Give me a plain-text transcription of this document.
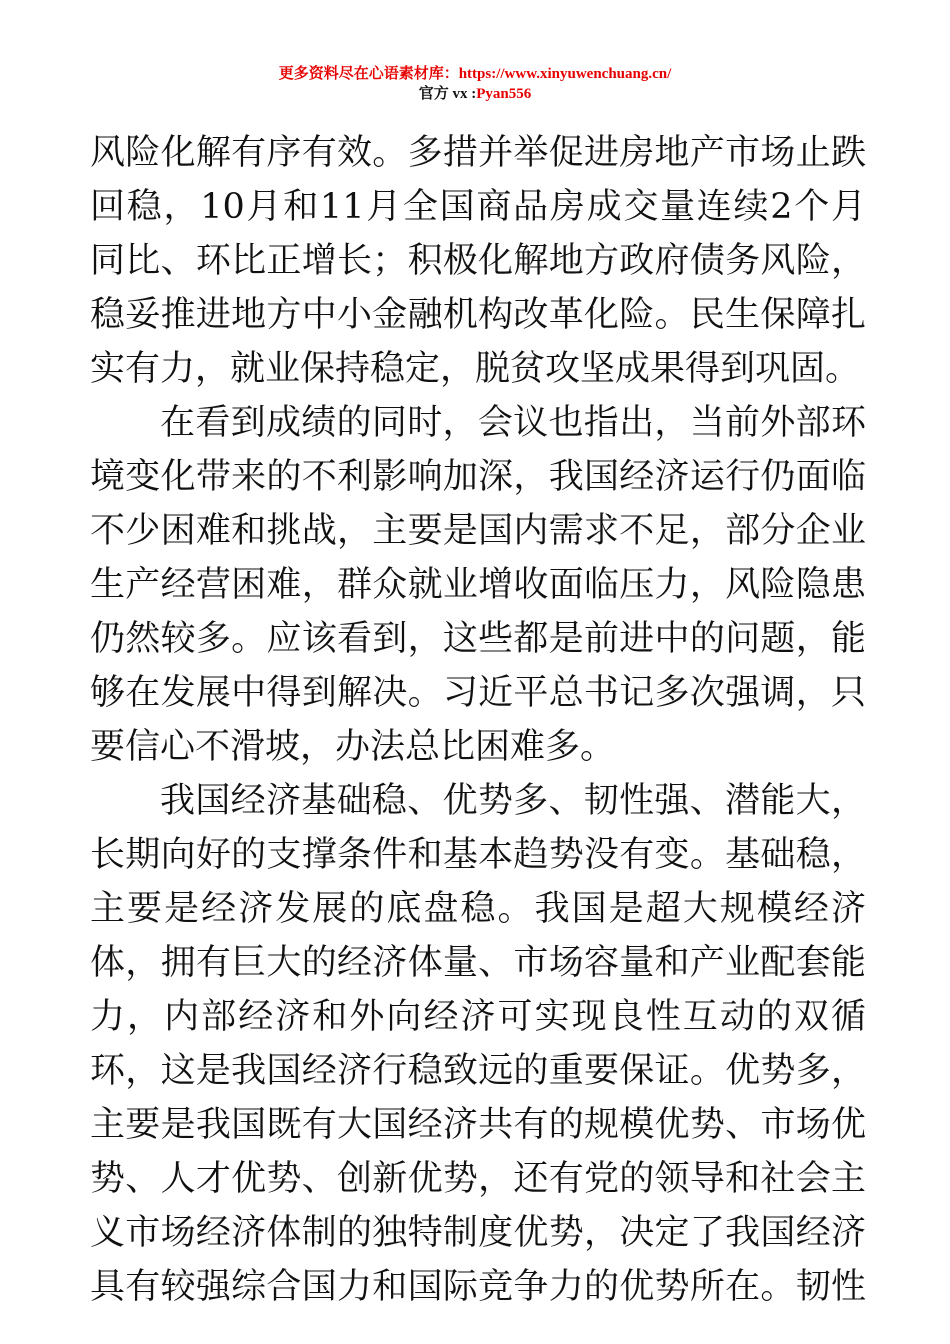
更多资料尽在心语素材库：https://www.xinyuwenchuang.cn/
官方 vx :Pyan556
风险化解有序有效。多措并举促进房地产市场止跌
回稳，10月和11月全国商品房成交量连续2个月
同比、环比正增长；积极化解地方政府债务风险，
稳妥推进地方中小金融机构改革化险。民生保障扎
实有力，就业保持稳定，脱贫攻坚成果得到巩固。
在看到成绩的同时，会议也指出，当前外部环
境变化带来的不利影响加深，我国经济运行仍面临
不少困难和挑战，主要是国内需求不足，部分企业
生产经营困难，群众就业增收面临压力，风险隐患
仍然较多。应该看到，这些都是前进中的问题，能
够在发展中得到解决。习近平总书记多次强调，只
要信心不滑坡，办法总比困难多。
我国经济基础稳、优势多、韧性强、潜能大，
长期向好的支撑条件和基本趋势没有变。基础稳，
主要是经济发展的底盘稳。我国是超大规模经济
体，拥有巨大的经济体量、市场容量和产业配套能
力，内部经济和外向经济可实现良性互动的双循
环，这是我国经济行稳致远的重要保证。优势多，
主要是我国既有大国经济共有的规模优势、市场优
势、人才优势、创新优势，还有党的领导和社会主
义市场经济体制的独特制度优势，决定了我国经济
具有较强综合国力和国际竞争力的优势所在。韧性
